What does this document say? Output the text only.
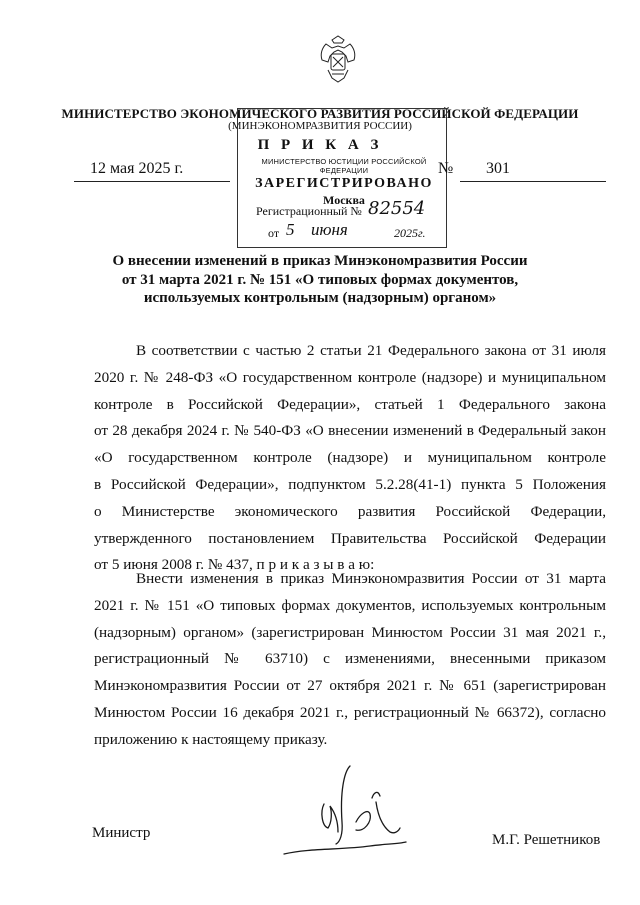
МИНИСТЕРСТВО ЭКОНОМИЧЕСКОГО РАЗВИТИЯ РОССИЙСКОЙ ФЕДЕРАЦИИ
(МИНЭКОНОМРАЗВИТИЯ РОССИИ)
П Р И К А З
МИНИСТЕРСТВО ЮСТИЦИИ РОССИЙСКОЙ ФЕДЕРАЦИИ
ЗАРЕГИСТРИРОВАНО
Москва
Регистрационный № 82554
от 5 июня	2025г.
12 мая 2025 г.	№ 301
О внесении изменений в приказ Минэкономразвития России
от 31 марта 2021 г. № 151 «О типовых формах документов,
используемых контрольным (надзорным) органом»
В соответствии с частью 2 статьи 21 Федерального закона от 31 июля
2020 г. № 248-ФЗ «О государственном контроле (надзоре) и муниципальном
контроле в Российской Федерации», статьей 1 Федерального закона
от 28 декабря 2024 г. № 540-ФЗ «О внесении изменений в Федеральный закон
«О государственном контроле (надзоре) и муниципальном контроле
в Российской Федерации», подпунктом 5.2.28(41-1) пункта 5 Положения
о Министерстве экономического развития Российской Федерации,
утвержденного постановлением Правительства Российской Федерации
от 5 июня 2008 г. № 437, п р и к а з ы в а ю:
Внести изменения в приказ Минэкономразвития России от 31 марта
2021 г. № 151 «О типовых формах документов, используемых контрольным
(надзорным) органом» (зарегистрирован Минюстом России 31 мая 2021 г.,
регистрационный № 63710) с изменениями, внесенными приказом
Минэкономразвития России от 27 октября 2021 г. № 651 (зарегистрирован
Минюстом России 16 декабря 2021 г., регистрационный № 66372), согласно
приложению к настоящему приказу.
Министр	М.Г. Решетников
